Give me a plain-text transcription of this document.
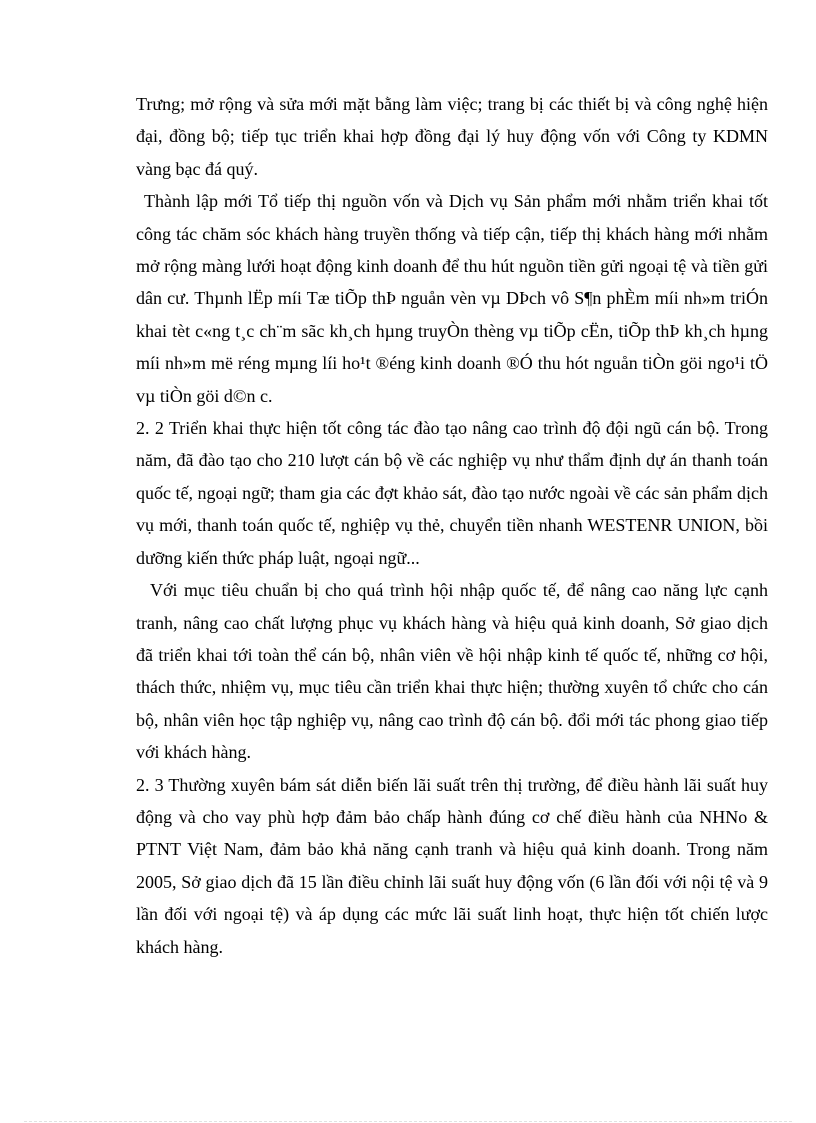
Trưng; mở rộng và sửa mới mặt bằng làm việc; trang bị các thiết bị và công nghệ hiện đại, đồng bộ; tiếp tục triển khai hợp đồng đại lý huy động vốn với Công ty KDMN vàng bạc đá quý.

Thành lập mới Tổ tiếp thị nguồn vốn và Dịch vụ Sản phẩm mới nhằm triển khai tốt công tác chăm sóc khách hàng truyền thống và tiếp cận, tiếp thị khách hàng mới nhằm mở rộng màng lưới hoạt động kinh doanh để thu hút nguồn tiền gửi ngoại tệ và tiền gửi dân cư. Thµnh lËp míi Tæ tiÕp thÞ nguån vèn vµ DÞch vô S¶n phÈm míi nh»m triÓn khai tèt c«ng t¸c ch¨m sãc kh¸ch hµng truyÒn thèng vµ tiÕp cËn, tiÕp thÞ kh¸ch hµng míi nh»m më réng mµng líi ho¹t ®éng kinh doanh ®Ó thu hót nguån tiÒn göi ngo¹i tÖ vµ tiÒn göi d©n c.

2. 2 Triển khai thực hiện tốt công tác đào tạo nâng cao trình độ đội ngũ cán bộ. Trong năm, đã đào tạo cho 210 lượt cán bộ về các nghiệp vụ như thẩm định dự án thanh toán quốc tế, ngoại ngữ; tham gia các đợt khảo sát, đào tạo nước ngoài về các sản phẩm dịch vụ mới, thanh toán quốc tế, nghiệp vụ thẻ, chuyển tiền nhanh WESTENR UNION, bồi dưỡng kiến thức pháp luật, ngoại ngữ...

Với mục tiêu chuẩn bị cho quá trình hội nhập quốc tế, để nâng cao năng lực cạnh tranh, nâng cao chất lượng phục vụ khách hàng và hiệu quả kinh doanh, Sở giao dịch đã triển khai tới toàn thể cán bộ, nhân viên về hội nhập kinh tế quốc tế, những cơ hội, thách thức, nhiệm vụ, mục tiêu cần triển khai thực hiện; thường xuyên tổ chức cho cán bộ, nhân viên học tập nghiệp vụ, nâng cao trình độ cán bộ. đổi mới tác phong giao tiếp với khách hàng.

2. 3 Thường xuyên bám sát diễn biến lãi suất trên thị trường, để điều hành lãi suất huy động và cho vay phù hợp đảm bảo chấp hành đúng cơ chế điều hành của NHNo & PTNT Việt Nam, đảm bảo khả năng cạnh tranh và hiệu quả kinh doanh. Trong năm 2005, Sở giao dịch đã 15 lần điều chỉnh lãi suất huy động vốn (6 lần đối với nội tệ và 9 lần đối với ngoại tệ) và áp dụng các mức lãi suất linh hoạt, thực hiện tốt chiến lược khách hàng.
